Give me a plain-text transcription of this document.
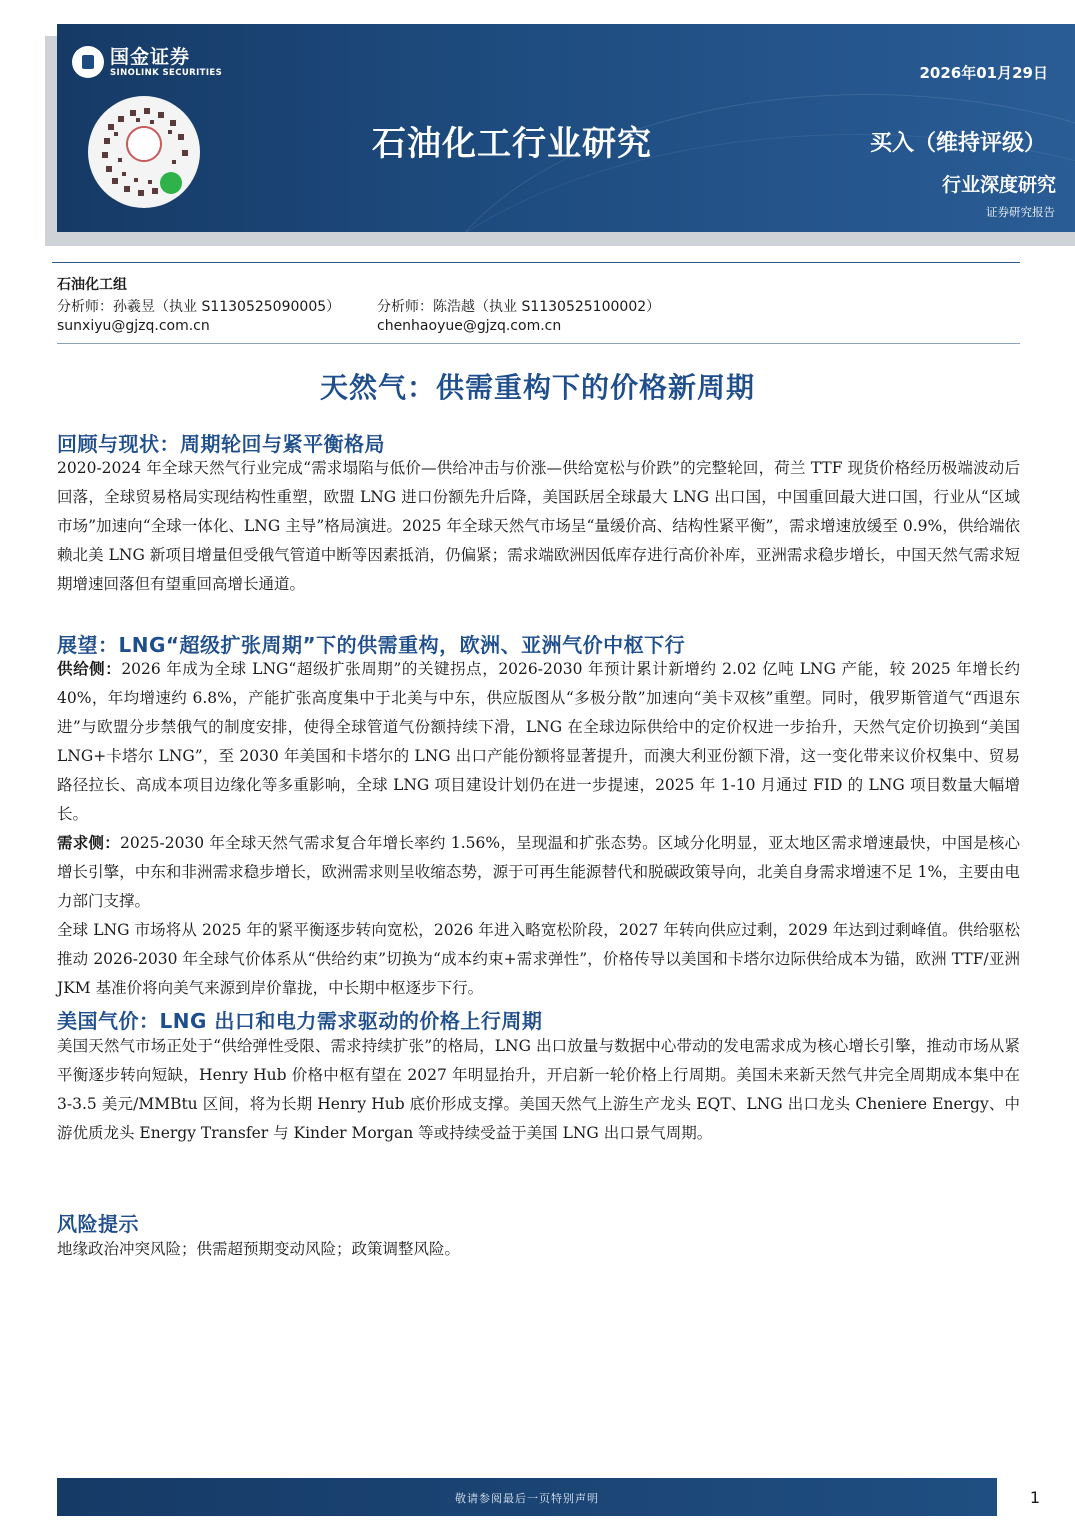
国金证券
SINOLINK SECURITIES	2026年01月29日
石油化工行业研究	买入（维持评级）
行业深度研究
证券研究报告
石油化工组
分析师：孙羲昱（执业 S1130525090005）	分析师：陈浩越（执业 S1130525100002）
sunxiyu@gjzq.com.cn	chenhaoyue@gjzq.com.cn
天然气：供需重构下的价格新周期
回顾与现状：周期轮回与紧平衡格局

2020-2024 年全球天然气行业完成“需求塌陷与低价—供给冲击与价涨—供给宽松与价跌”的完整轮回，荷兰 TTF 现货价格经历极端波动后回落，全球贸易格局实现结构性重塑，欧盟 LNG 进口份额先升后降，美国跃居全球最大 LNG 出口国，中国重回最大进口国，行业从“区域市场”加速向“全球一体化、LNG 主导”格局演进。2025 年全球天然气市场呈“量缓价高、结构性紧平衡”，需求增速放缓至 0.9%，供给端依赖北美 LNG 新项目增量但受俄气管道中断等因素抵消，仍偏紧；需求端欧洲因低库存进行高价补库，亚洲需求稳步增长，中国天然气需求短期增速回落但有望重回高增长通道。

展望：LNG“超级扩张周期”下的供需重构，欧洲、亚洲气价中枢下行

供给侧：2026 年成为全球 LNG“超级扩张周期”的关键拐点，2026-2030 年预计累计新增约 2.02 亿吨 LNG 产能，较 2025 年增长约 40%，年均增速约 6.8%，产能扩张高度集中于北美与中东，供应版图从“多极分散”加速向“美卡双核”重塑。同时，俄罗斯管道气“西退东进”与欧盟分步禁俄气的制度安排，使得全球管道气份额持续下滑，LNG 在全球边际供给中的定价权进一步抬升，天然气定价切换到“美国 LNG+卡塔尔 LNG”，至 2030 年美国和卡塔尔的 LNG 出口产能份额将显著提升，而澳大利亚份额下滑，这一变化带来议价权集中、贸易路径拉长、高成本项目边缘化等多重影响，全球 LNG 项目建设计划仍在进一步提速，2025 年 1-10 月通过 FID 的 LNG 项目数量大幅增长。

需求侧：2025-2030 年全球天然气需求复合年增长率约 1.56%，呈现温和扩张态势。区域分化明显，亚太地区需求增速最快，中国是核心增长引擎，中东和非洲需求稳步增长，欧洲需求则呈收缩态势，源于可再生能源替代和脱碳政策导向，北美自身需求增速不足 1%，主要由电力部门支撑。

全球 LNG 市场将从 2025 年的紧平衡逐步转向宽松，2026 年进入略宽松阶段，2027 年转向供应过剩，2029 年达到过剩峰值。供给驱松推动 2026-2030 年全球气价体系从“供给约束”切换为“成本约束+需求弹性”，价格传导以美国和卡塔尔边际供给成本为锚，欧洲 TTF/亚洲 JKM 基准价将向美气来源到岸价靠拢，中长期中枢逐步下行。

美国气价：LNG 出口和电力需求驱动的价格上行周期

美国天然气市场正处于“供给弹性受限、需求持续扩张”的格局，LNG 出口放量与数据中心带动的发电需求成为核心增长引擎，推动市场从紧平衡逐步转向短缺，Henry Hub 价格中枢有望在 2027 年明显抬升，开启新一轮价格上行周期。美国未来新天然气井完全周期成本集中在 3-3.5 美元/MMBtu 区间，将为长期 Henry Hub 底价形成支撑。美国天然气上游生产龙头 EQT、LNG 出口龙头 Cheniere Energy、中游优质龙头 Energy Transfer 与 Kinder Morgan 等或持续受益于美国 LNG 出口景气周期。

风险提示

地缘政治冲突风险；供需超预期变动风险；政策调整风险。

敬请参阅最后一页特别声明	1
